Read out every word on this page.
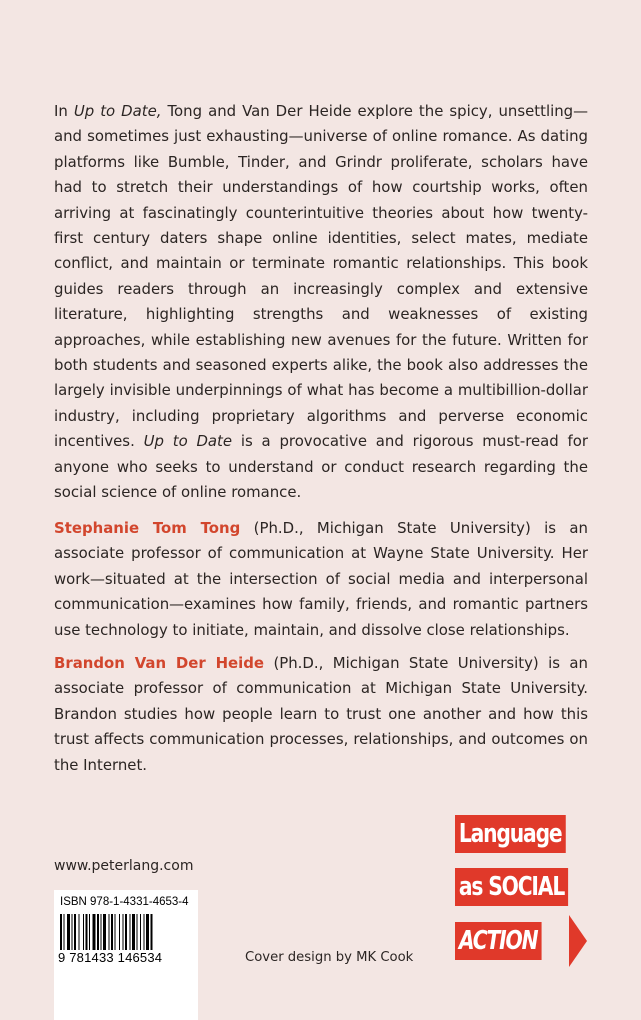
In Up to Date, Tong and Van Der Heide explore the spicy, unsettling—and sometimes just exhausting—universe of online romance. As dating platforms like Bumble, Tinder, and Grindr proliferate, scholars have had to stretch their understandings of how courtship works, often arriving at fascinatingly counterintuitive theories about how twenty-first century daters shape online identities, select mates, mediate conflict, and maintain or terminate romantic relationships. This book guides readers through an increasingly complex and extensive literature, highlighting strengths and weaknesses of existing approaches, while establishing new avenues for the future. Written for both students and seasoned experts alike, the book also addresses the largely invisible underpinnings of what has become a multibillion-dollar industry, including proprietary algorithms and perverse economic incentives. Up to Date is a provocative and rigorous must-read for anyone who seeks to understand or conduct research regarding the social science of online romance.

Stephanie Tom Tong (Ph.D., Michigan State University) is an associate professor of communication at Wayne State University. Her work—situated at the intersection of social media and interpersonal communication—examines how family, friends, and romantic partners use technology to initiate, maintain, and dissolve close relationships.

Brandon Van Der Heide (Ph.D., Michigan State University) is an associate professor of communication at Michigan State University. Brandon studies how people learn to trust one another and how this trust affects communication processes, relationships, and outcomes on the Internet.

www.peterlang.com

ISBN 978-1-4331-4653-4
9 781433 146534	Cover design by MK Cook

Language
as SOCIAL
ACTION
